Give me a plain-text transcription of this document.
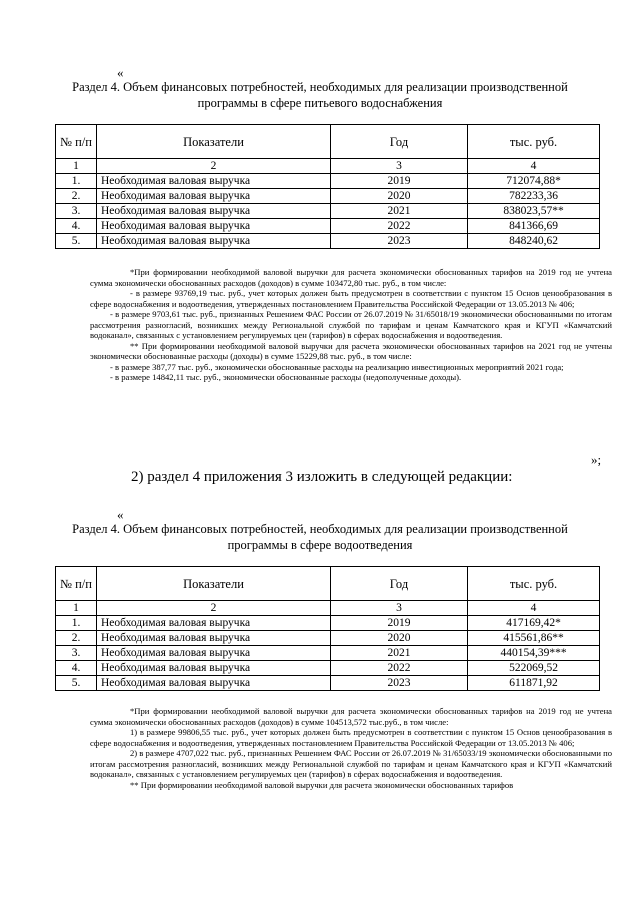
«
Раздел 4. Объем финансовых потребностей, необходимых для реализации производственной
программы в сфере питьевого водоснабжения
№ п/п	Показатели	Год	тыс. руб.
1	2	3	4
1.	Необходимая валовая выручка	2019	712074,88*
2.	Необходимая валовая выручка	2020	782233,36
3.	Необходимая валовая выручка	2021	838023,57**
4.	Необходимая валовая выручка	2022	841366,69
5.	Необходимая валовая выручка	2023	848240,62

*При формировании необходимой валовой выручки для расчета экономически обоснованных тарифов на 2019 год не учтена сумма экономически обоснованных расходов (доходов) в сумме 103472,80 тыс. руб., в том числе:

- в размере 93769,19 тыс. руб., учет которых должен быть предусмотрен в соответствии с пунктом 15 Основ ценообразования в сфере водоснабжения и водоотведения, утвержденных постановлением Правительства Российской Федерации от 13.05.2013 № 406;

- в размере 9703,61 тыс. руб., признанных Решением ФАС России от 26.07.2019 № 31/65018/19 экономически обоснованными по итогам рассмотрения разногласий, возникших между Региональной службой по тарифам и ценам Камчатского края и КГУП «Камчатский водоканал», связанных с установлением регулируемых цен (тарифов) в сферах водоснабжения и водоотведения.

** При формировании необходимой валовой выручки для расчета экономически обоснованных тарифов на 2021 год не учтены экономически обоснованные расходы (доходы) в сумме 15229,88 тыс. руб., в том числе:

- в размере 387,77 тыс. руб., экономически обоснованные расходы на реализацию инвестиционных мероприятий 2021 года;

- в размере 14842,11 тыс. руб., экономически обоснованные расходы (недополученные доходы).

»;
2) раздел 4 приложения 3 изложить в следующей редакции:
«
Раздел 4. Объем финансовых потребностей, необходимых для реализации производственной
программы в сфере водоотведения
№ п/п	Показатели	Год	тыс. руб.
1	2	3	4
1.	Необходимая валовая выручка	2019	417169,42*
2.	Необходимая валовая выручка	2020	415561,86**
3.	Необходимая валовая выручка	2021	440154,39***
4.	Необходимая валовая выручка	2022	522069,52
5.	Необходимая валовая выручка	2023	611871,92

*При формировании необходимой валовой выручки для расчета экономически обоснованных тарифов на 2019 год не учтена сумма экономически обоснованных расходов (доходов) в сумме 104513,572 тыс.руб., в том числе:

1) в размере 99806,55 тыс. руб., учет которых должен быть предусмотрен в соответствии с пунктом 15 Основ ценообразования в сфере водоснабжения и водоотведения, утвержденных постановлением Правительства Российской Федерации от 13.05.2013 № 406;

2) в размере 4707,022 тыс. руб., признанных Решением ФАС России от 26.07.2019 № 31/65033/19 экономически обоснованными по итогам рассмотрения разногласий, возникших между Региональной службой по тарифам и ценам Камчатского края и КГУП «Камчатский водоканал», связанных с установлением регулируемых цен (тарифов) в сферах водоснабжения и водоотведения.

** При формировании необходимой валовой выручки для расчета экономически обоснованных тарифов
